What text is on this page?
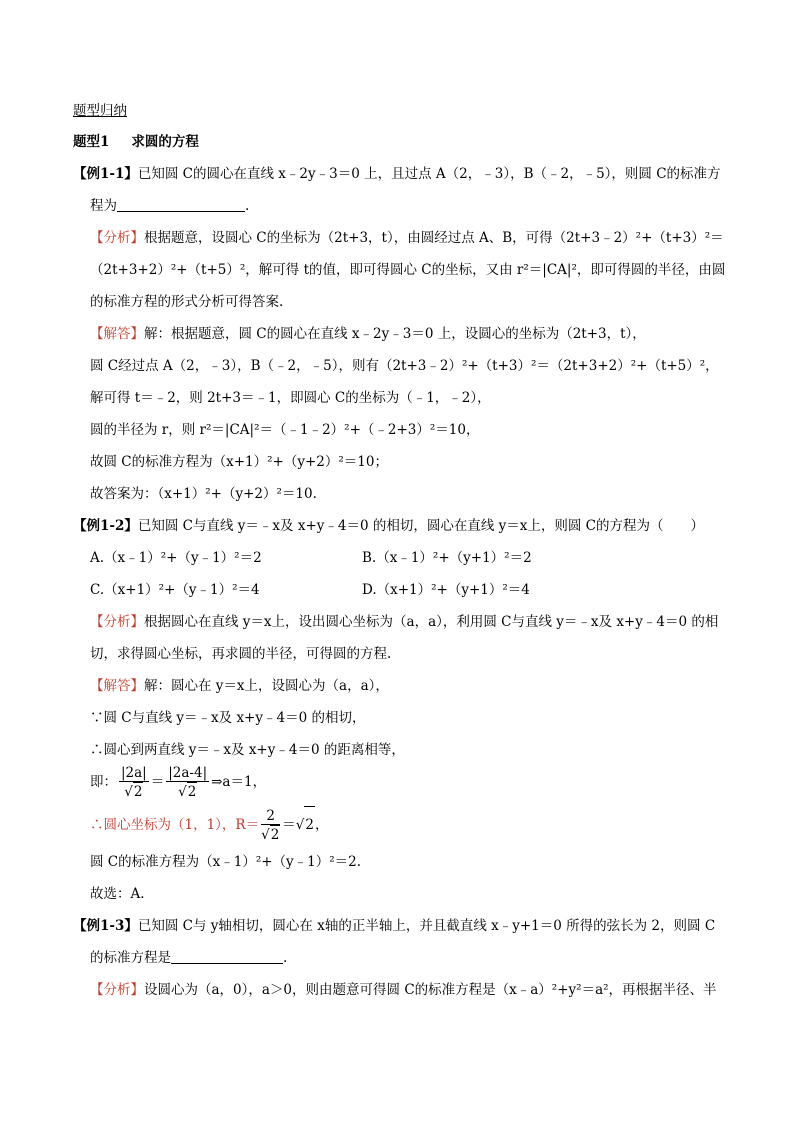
题型归纳
题型1 求圆的方程
【例1-1】已知圆 C的圆心在直线 x﹣2y﹣3＝0 上，且过点 A（2，﹣3），B（﹣2，﹣5），则圆 C的标准方
程为	.
【分析】根据题意，设圆心 C的坐标为（2t+3，t），由圆经过点 A、B，可得（2t+3﹣2）²+（t+3）²＝
（2t+3+2）²+（t+5）²，解可得 t的值，即可得圆心 C的坐标，又由 r²＝|CA|²，即可得圆的半径，由圆
的标准方程的形式分析可得答案.
【解答】解：根据题意，圆 C的圆心在直线 x﹣2y﹣3＝0 上，设圆心的坐标为（2t+3，t），
圆 C经过点 A（2，﹣3），B（﹣2，﹣5），则有（2t+3﹣2）²+（t+3）²＝（2t+3+2）²+（t+5）²，
解可得 t＝﹣2，则 2t+3＝﹣1，即圆心 C的坐标为（﹣1，﹣2），
圆的半径为 r，则 r²＝|CA|²＝（﹣1﹣2）²+（﹣2+3）²＝10，
故圆 C的标准方程为（x+1）²+（y+2）²＝10；
故答案为：（x+1）²+（y+2）²＝10.
【例1-2】已知圆 C与直线 y＝﹣x及 x+y﹣4＝0 的相切，圆心在直线 y＝x上，则圆 C的方程为（　　）
A.（x﹣1）²+（y﹣1）²＝2	B.（x﹣1）²+（y+1）²＝2
C.（x+1）²+（y﹣1）²＝4	D.（x+1）²+（y+1）²＝4
【分析】根据圆心在直线 y＝x上，设出圆心坐标为（a，a），利用圆 C与直线 y＝﹣x及 x+y﹣4＝0 的相
切，求得圆心坐标，再求圆的半径，可得圆的方程.
【解答】解：圆心在 y＝x上，设圆心为（a，a），
∵圆 C与直线 y＝﹣x及 x+y﹣4＝0 的相切，
∴圆心到两直线 y＝﹣x及 x+y﹣4＝0 的距离相等，
即： $\frac{|2a|}{√2} = \frac{|2a-4|}{√2}$ ⇒a＝1，
∴圆心坐标为（1，1），$R= \frac{2}{√2} =√2$，
圆 C的标准方程为（x﹣1）²+（y﹣1）²＝2.
故选：A.
【例1-3】已知圆 C与 y轴相切，圆心在 x轴的正半轴上，并且截直线 x﹣y+1＝0 所得的弦长为 2，则圆 C
的标准方程是	.
【分析】设圆心为（a，0），a＞0，则由题意可得圆 C的标准方程是（x﹣a）²+y²＝a²，再根据半径、半
